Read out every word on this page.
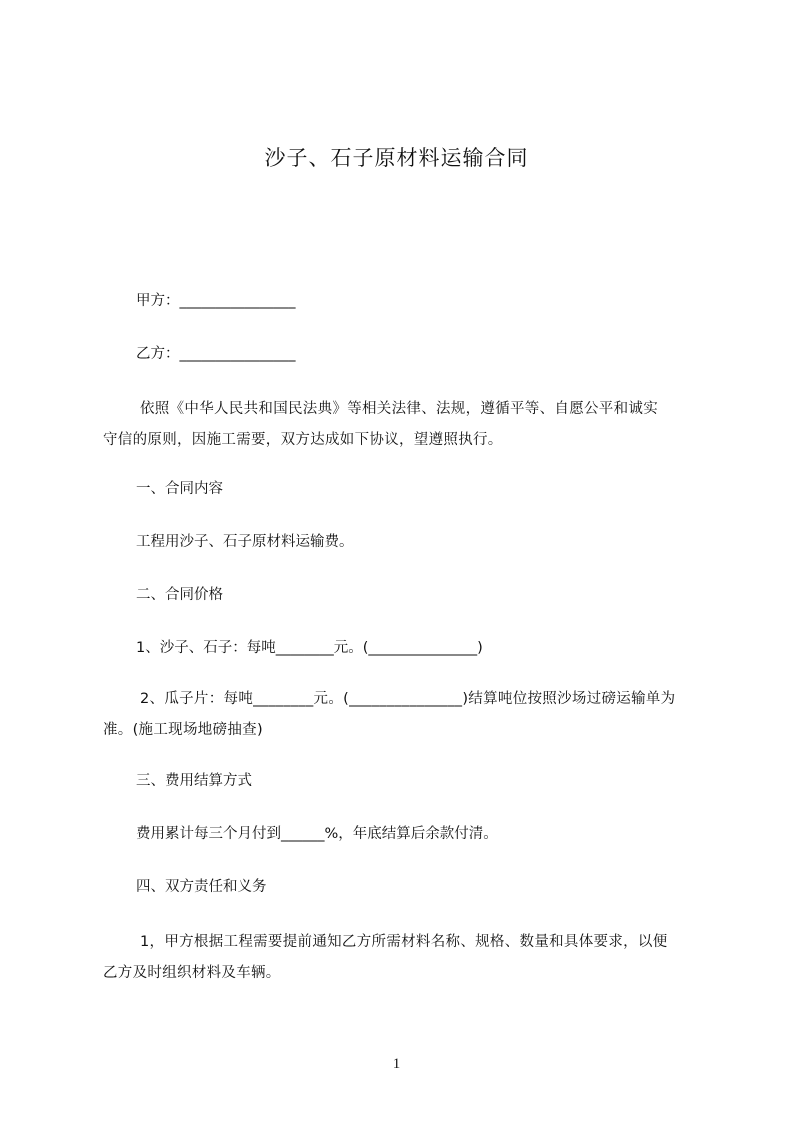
沙子、石子原材料运输合同
甲方：________________
乙方：________________
依照《中华人民共和国民法典》等相关法律、法规，遵循平等、自愿公平和诚实
守信的原则，因施工需要，双方达成如下协议，望遵照执行。
一、合同内容
工程用沙子、石子原材料运输费。
二、合同价格
1、沙子、石子：每吨________元。(_______________)
2、瓜子片：每吨________元。(_______________)结算吨位按照沙场过磅运输单为
准。(施工现场地磅抽查)
三、费用结算方式
费用累计每三个月付到______%，年底结算后余款付清。
四、双方责任和义务
1，甲方根据工程需要提前通知乙方所需材料名称、规格、数量和具体要求，以便
乙方及时组织材料及车辆。
1
